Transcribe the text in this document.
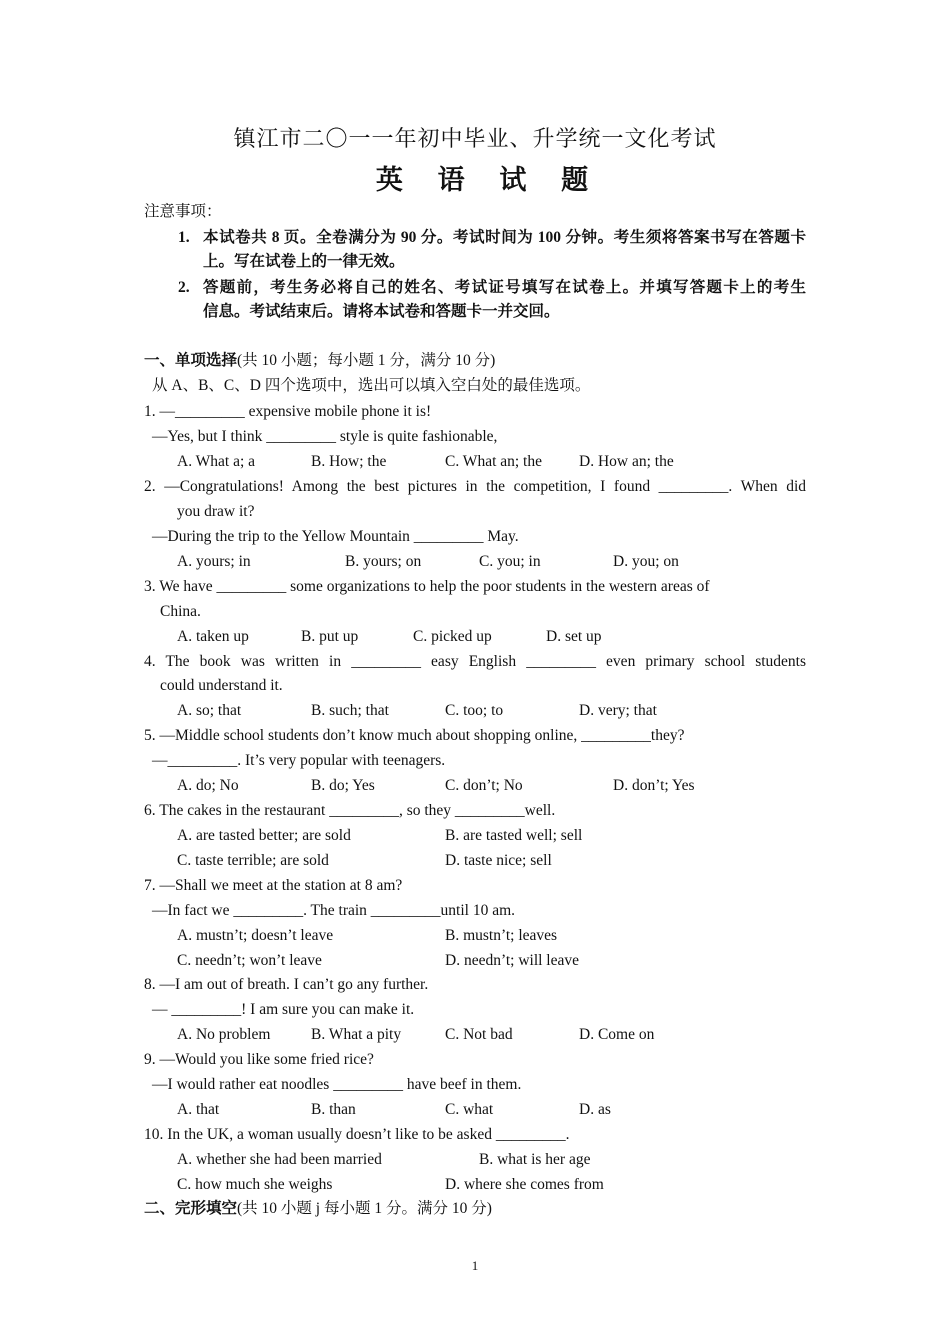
镇江市二〇一一年初中毕业、升学统一文化考试
英 语 试 题
注意事项：
1. 本试卷共 8 页。全卷满分为 90 分。考试时间为 100 分钟。考生须将答案书写在答题卡
上。写在试卷上的一律无效。
2. 答题前，考生务必将自己的姓名、考试证号填写在试卷上。并填写答题卡上的考生
信息。考试结束后。请将本试卷和答题卡一并交回。
一、单项选择(共 10 小题；每小题 1 分，满分 10 分)
从 A、B、C、D 四个选项中，选出可以填入空白处的最佳选项。
1. —_________ expensive mobile phone it is!
—Yes, but I think _________ style is quite fashionable,
A. What a; a	B. How; the	C. What an; the D. How an; the
2. —Congratulations! Among the best pictures in the competition, I found _________. When did
you draw it?
—During the trip to the Yellow Mountain _________ May.
A. yours; in	B. yours; on	C. you; in	D. you; on
3. We have _________ some organizations to help the poor students in the western areas of
China.
A. taken up	B. put up	C. picked up	D. set up
4. The book was written in _________ easy English _________ even primary school students
could understand it.
A. so; that	B. such; that	C. too; to	D. very; that
5. —Middle school students don’t know much about shopping online, _________they?
—_________. It’s very popular with teenagers.
A. do; No	B. do; Yes	C. don’t; No	D. don’t; Yes
6. The cakes in the restaurant _________, so they _________well.
A. are tasted better; are sold	B. are tasted well; sell
C. taste terrible; are sold	D. taste nice; sell
7. —Shall we meet at the station at 8 am?
—In fact we _________. The train _________until 10 am.
A. mustn’t; doesn’t leave	B. mustn’t; leaves
C. needn’t; won’t leave	D. needn’t; will leave
8. —I am out of breath. I can’t go any further.
— _________! I am sure you can make it.
A. No problem	B. What a pity	C. Not bad	D. Come on
9. —Would you like some fried rice?
—I would rather eat noodles _________ have beef in them.
A. that	B. than	C. what	D. as
10. In the UK, a woman usually doesn’t like to be asked _________.
A. whether she had been married	B. what is her age
C. how much she weighs	D. where she comes from
二、完形填空(共 10 小题 j 每小题 1 分。满分 10 分)
1
